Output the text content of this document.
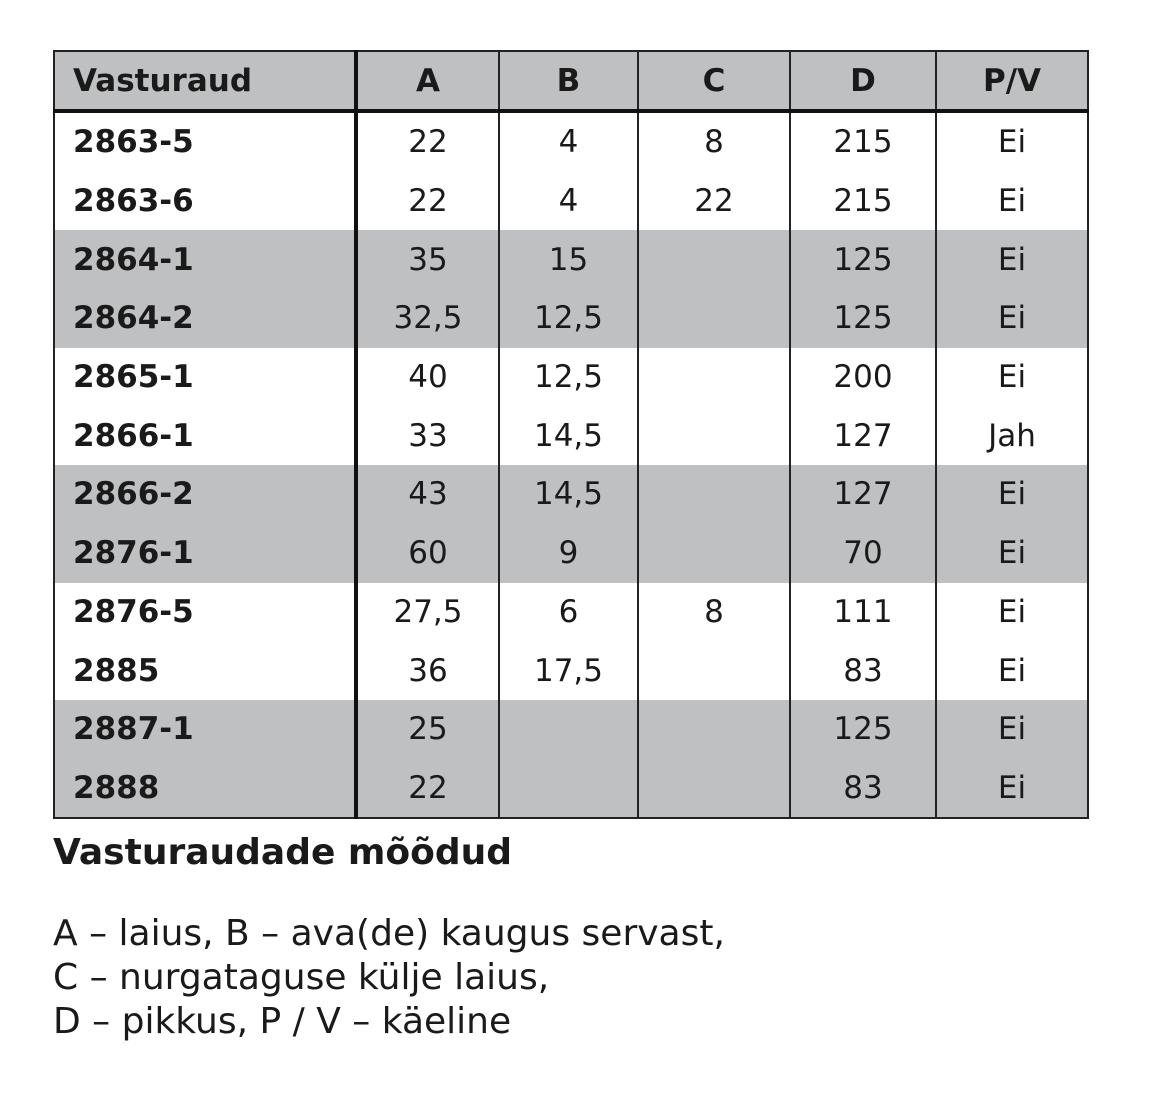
Vasturaud	A	B	C	D	P/V
2863-5	22	4	8	215	Ei
2863-6	22	4	22	215	Ei
2864-1	35	15		125	Ei
2864-2	32,5	12,5		125	Ei
2865-1	40	12,5		200	Ei
2866-1	33	14,5		127	Jah
2866-2	43	14,5		127	Ei
2876-1	60	9		70	Ei
2876-5	27,5	6	8	111	Ei
2885	36	17,5		83	Ei
2887-1	25			125	Ei
2888	22			83	Ei
Vasturaudade mõõdud
A – laius, B – ava(de) kaugus servast,
C – nurgataguse külje laius,
D – pikkus, P / V – käeline
